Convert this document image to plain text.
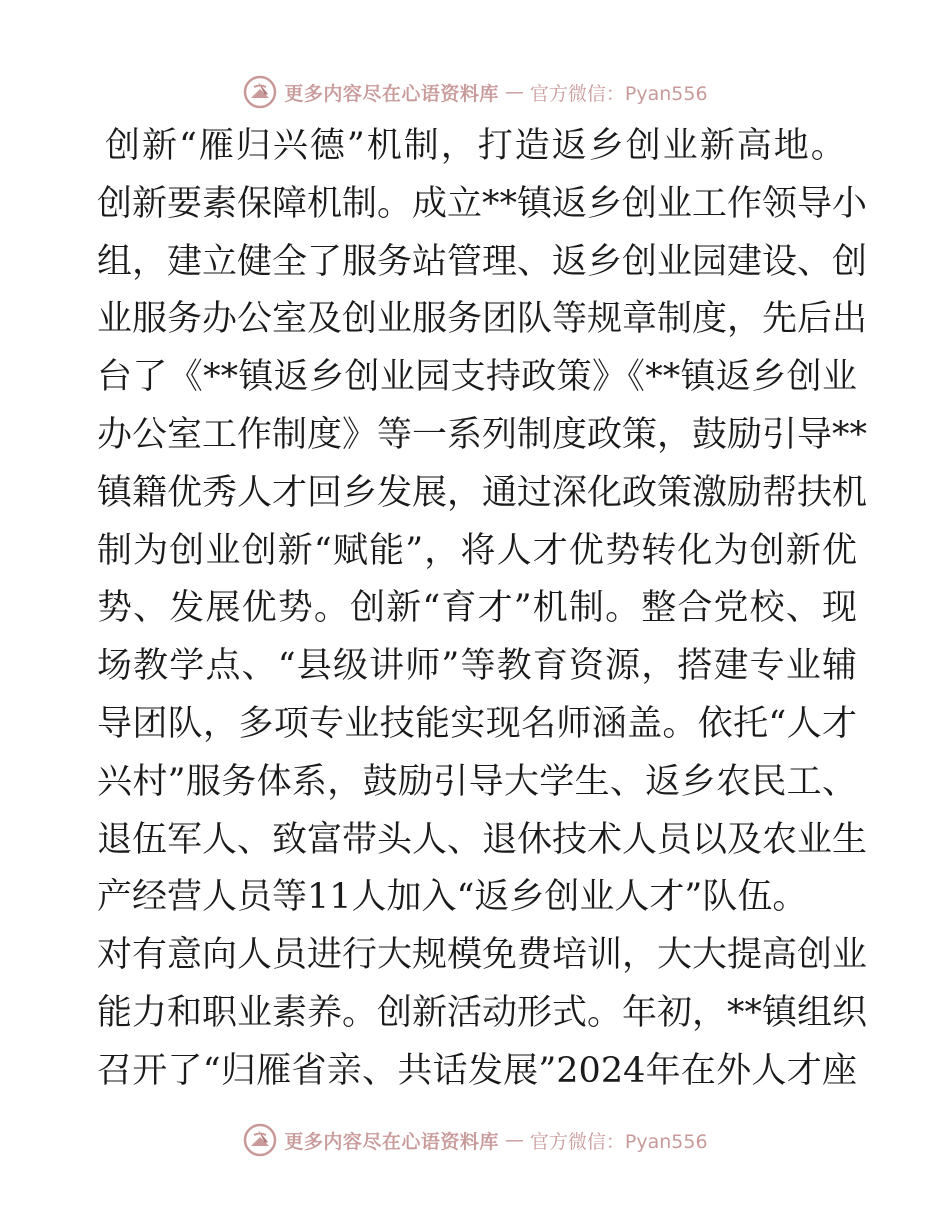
更多内容尽在心语资料库 — 官方微信：Pyan556
创新“雁归兴德”机制，打造返乡创业新高地。
创新要素保障机制。成立**镇返乡创业工作领导小
组，建立健全了服务站管理、返乡创业园建设、创
业服务办公室及创业服务团队等规章制度，先后出
台了《**镇返乡创业园支持政策》《**镇返乡创业
办公室工作制度》等一系列制度政策，鼓励引导**
镇籍优秀人才回乡发展，通过深化政策激励帮扶机
制为创业创新“赋能”，将人才优势转化为创新优
势、发展优势。创新“育才”机制。整合党校、现
场教学点、“县级讲师”等教育资源，搭建专业辅
导团队，多项专业技能实现名师涵盖。依托“人才
兴村”服务体系，鼓励引导大学生、返乡农民工、
退伍军人、致富带头人、退休技术人员以及农业生
产经营人员等11人加入“返乡创业人才”队伍。
对有意向人员进行大规模免费培训，大大提高创业
能力和职业素养。创新活动形式。年初，**镇组织
召开了“归雁省亲、共话发展”2024年在外人才座
更多内容尽在心语资料库 — 官方微信：Pyan556
